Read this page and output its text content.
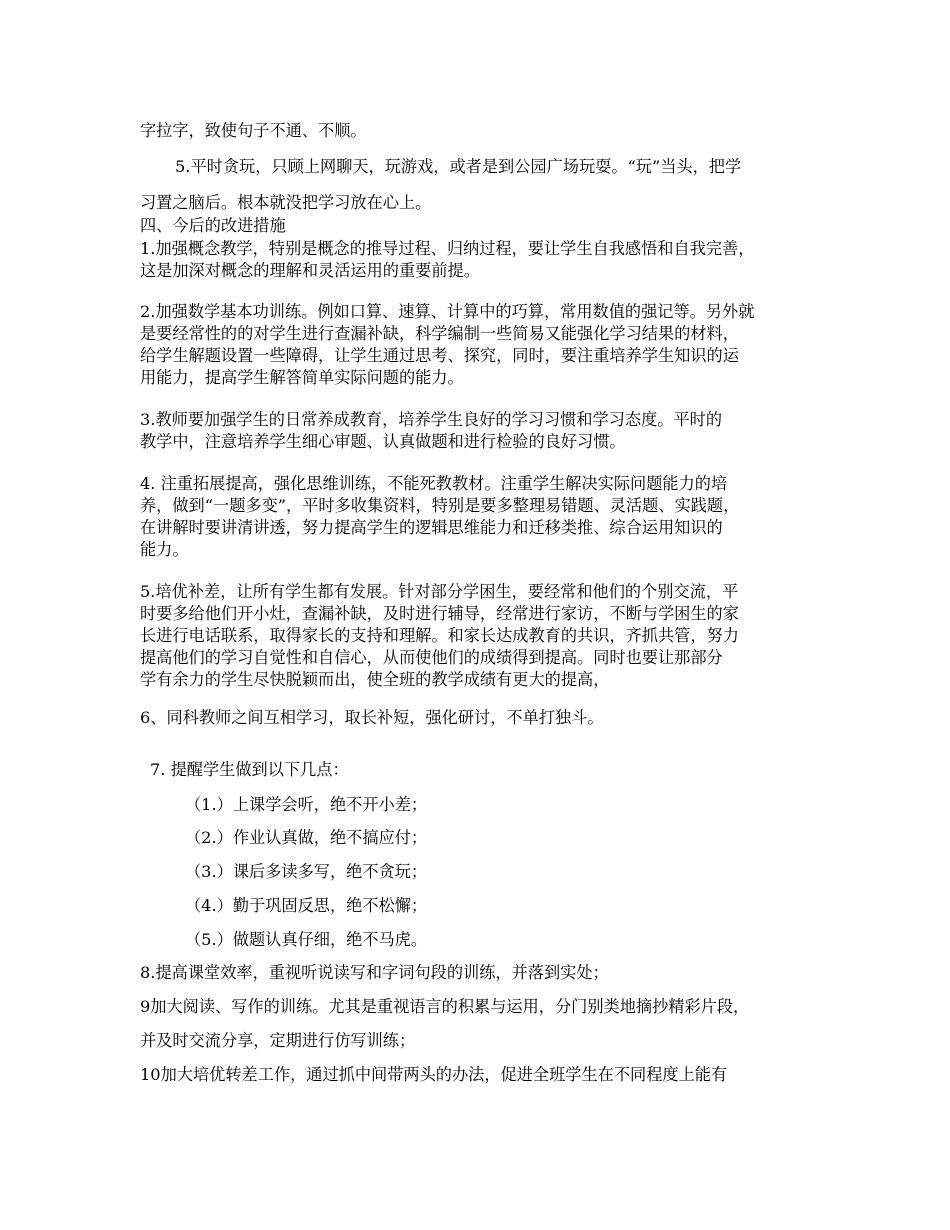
字拉字，致使句子不通、不顺。
5.平时贪玩，只顾上网聊天，玩游戏，或者是到公园广场玩耍。“玩”当头，把学
习置之脑后。根本就没把学习放在心上。
四、今后的改进措施
1.加强概念教学，特别是概念的推导过程、归纳过程，要让学生自我感悟和自我完善，
这是加深对概念的理解和灵活运用的重要前提。
2.加强数学基本功训练。例如口算、速算、计算中的巧算，常用数值的强记等。另外就
是要经常性的的对学生进行查漏补缺，科学编制一些简易又能强化学习结果的材料，
给学生解题设置一些障碍，让学生通过思考、探究，同时，要注重培养学生知识的运
用能力，提高学生解答简单实际问题的能力。
3.教师要加强学生的日常养成教育，培养学生良好的学习习惯和学习态度。平时的
教学中，注意培养学生细心审题、认真做题和进行检验的良好习惯。
4. 注重拓展提高，强化思维训练，不能死教教材。注重学生解决实际问题能力的培
养，做到“一题多变”，平时多收集资料，特别是要多整理易错题、灵活题、实践题，
在讲解时要讲清讲透，努力提高学生的逻辑思维能力和迁移类推、综合运用知识的
能力。
5.培优补差，让所有学生都有发展。针对部分学困生，要经常和他们的个别交流，平
时要多给他们开小灶，查漏补缺，及时进行辅导，经常进行家访，不断与学困生的家
长进行电话联系，取得家长的支持和理解。和家长达成教育的共识，齐抓共管，努力
提高他们的学习自觉性和自信心，从而使他们的成绩得到提高。同时也要让那部分
学有余力的学生尽快脱颖而出，使全班的教学成绩有更大的提高，
6、同科教师之间互相学习，取长补短，强化研讨，不单打独斗。
7. 提醒学生做到以下几点：
（1.）上课学会听，绝不开小差；
（2.）作业认真做，绝不搞应付；
（3.）课后多读多写，绝不贪玩；
（4.）勤于巩固反思，绝不松懈；
（5.）做题认真仔细，绝不马虎。
8.提高课堂效率，重视听说读写和字词句段的训练，并落到实处；
9加大阅读、写作的训练。尤其是重视语言的积累与运用，分门别类地摘抄精彩片段，
并及时交流分享，定期进行仿写训练；
10加大培优转差工作，通过抓中间带两头的办法，促进全班学生在不同程度上能有
